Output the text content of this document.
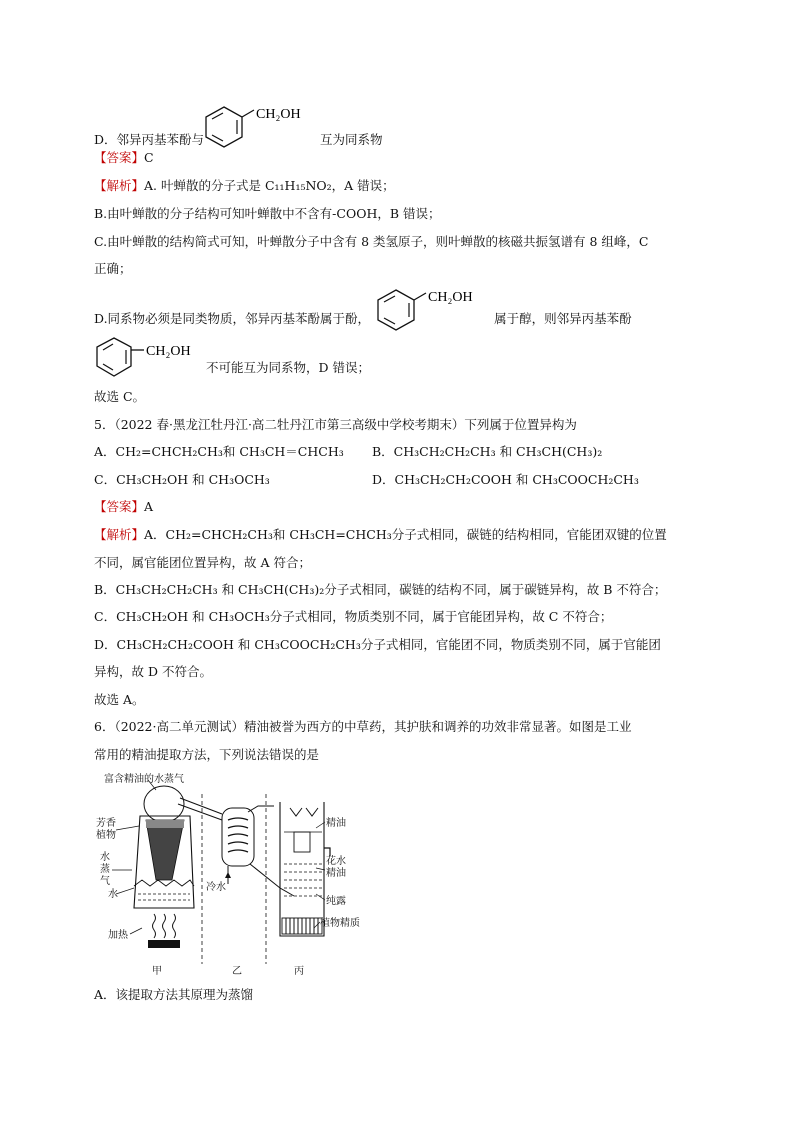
D．邻异丙基苯酚与
CH₂OH
互为同系物
【答案】C
【解析】A. 叶蝉散的分子式是 C₁₁H₁₅NO₂，A 错误；
B.由叶蝉散的分子结构可知叶蝉散中不含有-COOH，B 错误；
C.由叶蝉散的结构简式可知，叶蝉散分子中含有 8 类氢原子，则叶蝉散的核磁共振氢谱有 8 组峰，C
正确；
D.同系物必须是同类物质，邻异丙基苯酚属于酚，
CH₂OH
属于醇，则邻异丙基苯酚
CH₂OH
不可能互为同系物，D 错误；
故选 C。
5．（2022 春·黑龙江牡丹江·高二牡丹江市第三高级中学校考期末）下列属于位置异构为
A．CH₂=CHCH₂CH₃和 CH₃CH＝CHCH₃ B．CH₃CH₂CH₂CH₃ 和 CH₃CH(CH₃)₂
C．CH₃CH₂OH 和 CH₃OCH₃	D．CH₃CH₂CH₂COOH 和 CH₃COOCH₂CH₃
【答案】A
【解析】A．CH₂=CHCH₂CH₃和 CH₃CH=CHCH₃分子式相同，碳链的结构相同，官能团双键的位置
不同，属官能团位置异构，故 A 符合；
B．CH₃CH₂CH₂CH₃ 和 CH₃CH(CH₃)₂分子式相同，碳链的结构不同，属于碳链异构，故 B 不符合；
C．CH₃CH₂OH 和 CH₃OCH₃分子式相同，物质类别不同，属于官能团异构，故 C 不符合；
D．CH₃CH₂CH₂COOH 和 CH₃COOCH₂CH₃分子式相同，官能团不同，物质类别不同，属于官能团
异构，故 D 不符合。
故选 A。
6．（2022·高二单元测试）精油被誉为西方的中草药，其护肤和调养的功效非常显著。如图是工业
常用的精油提取方法，下列说法错误的是
富含精油的水蒸气
芳香
植物
水
蒸
气
水
加热
甲	乙	丙
冷水
精油
花水
精油
纯露
植物精质
A．该提取方法其原理为蒸馏
